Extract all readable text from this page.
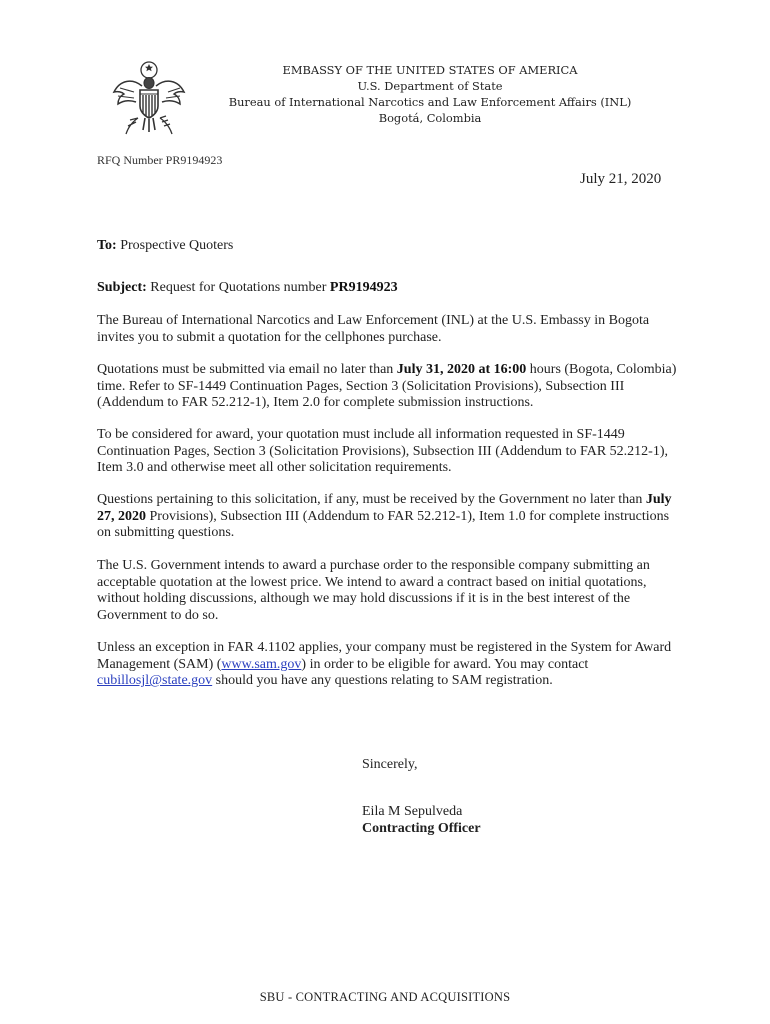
EMBASSY OF THE UNITED STATES OF AMERICA
U.S. Department of State
Bureau of International Narcotics and Law Enforcement Affairs (INL)
Bogotá, Colombia
RFQ Number PR9194923
July 21, 2020
To: Prospective Quoters
Subject: Request for Quotations number PR9194923
The Bureau of International Narcotics and Law Enforcement (INL) at the U.S. Embassy in Bogota invites you to submit a quotation for the cellphones purchase.
Quotations must be submitted via email no later than July 31, 2020 at 16:00 hours (Bogota, Colombia) time. Refer to SF-1449 Continuation Pages, Section 3 (Solicitation Provisions), Subsection III (Addendum to FAR 52.212-1), Item 2.0 for complete submission instructions.
To be considered for award, your quotation must include all information requested in SF-1449 Continuation Pages, Section 3 (Solicitation Provisions), Subsection III (Addendum to FAR 52.212-1), Item 3.0 and otherwise meet all other solicitation requirements.
Questions pertaining to this solicitation, if any, must be received by the Government no later than July 27, 2020 Provisions), Subsection III (Addendum to FAR 52.212-1), Item 1.0 for complete instructions on submitting questions.
The U.S. Government intends to award a purchase order to the responsible company submitting an acceptable quotation at the lowest price. We intend to award a contract based on initial quotations, without holding discussions, although we may hold discussions if it is in the best interest of the Government to do so.
Unless an exception in FAR 4.1102 applies, your company must be registered in the System for Award Management (SAM) (www.sam.gov) in order to be eligible for award. You may contact cubillosjl@state.gov should you have any questions relating to SAM registration.
Sincerely,
Eila M Sepulveda
Contracting Officer
SBU - CONTRACTING AND ACQUISITIONS
